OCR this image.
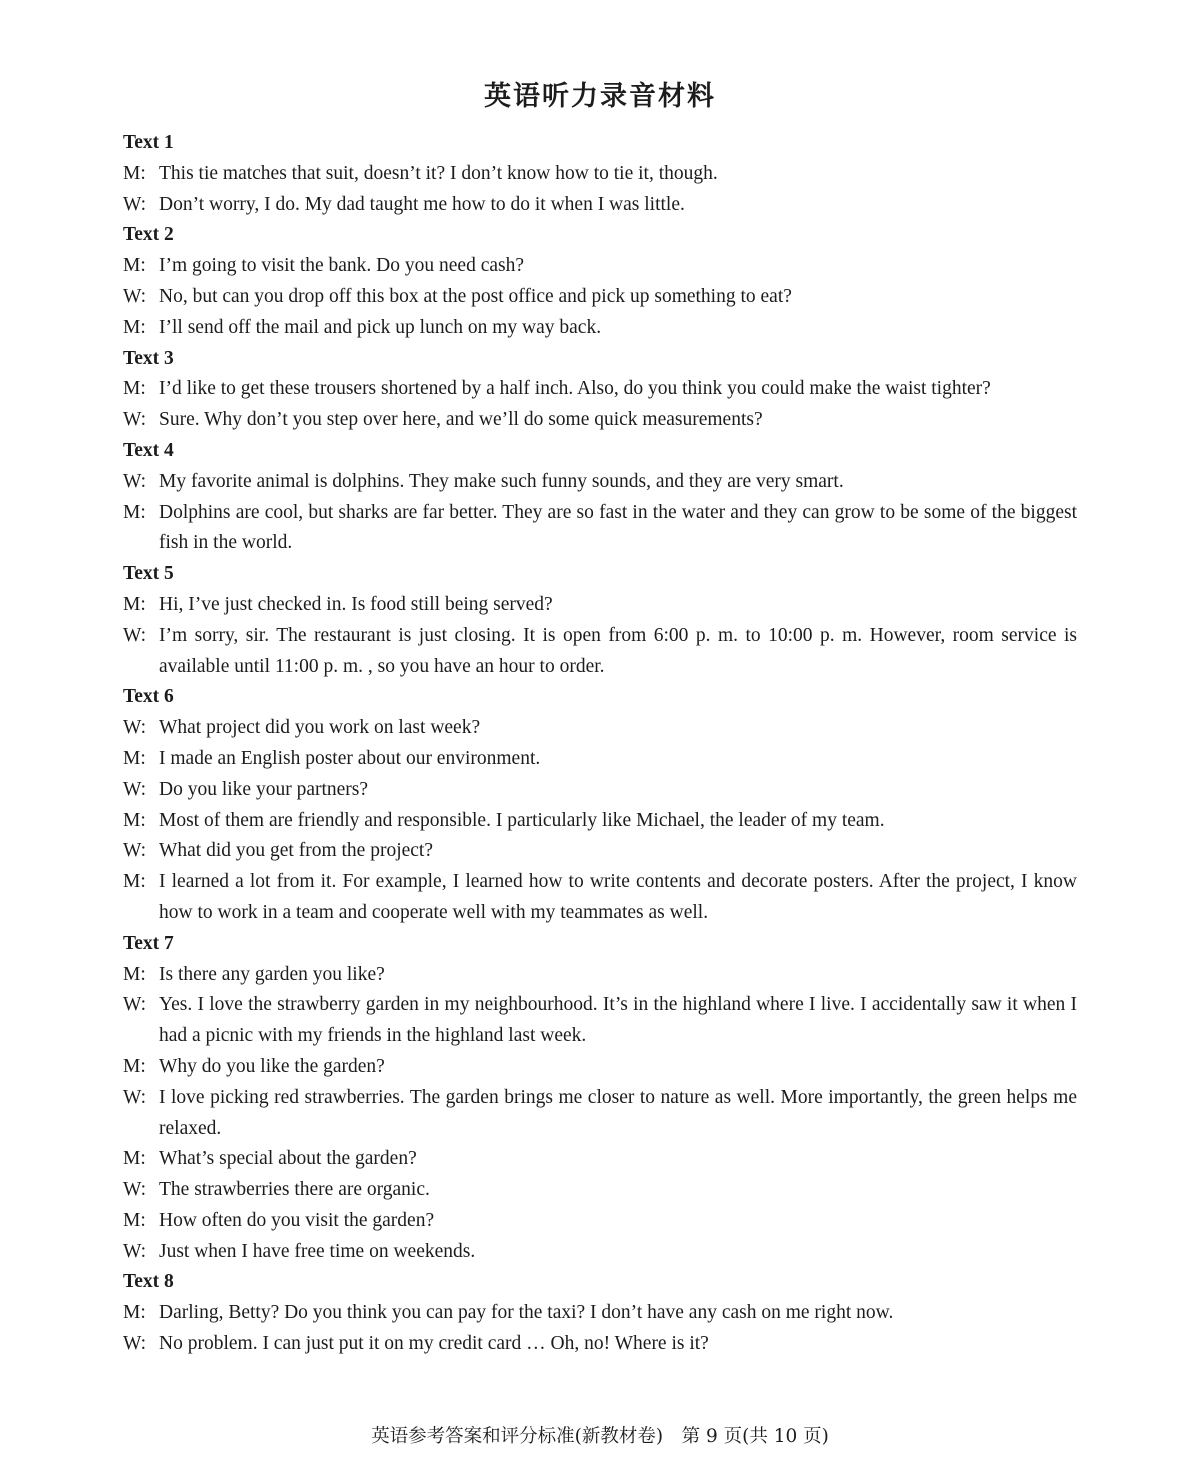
英语听力录音材料
Text 1
M: This tie matches that suit, doesn’t it? I don’t know how to tie it, though.
W: Don’t worry, I do. My dad taught me how to do it when I was little.
Text 2
M: I’m going to visit the bank. Do you need cash?
W: No, but can you drop off this box at the post office and pick up something to eat?
M: I’ll send off the mail and pick up lunch on my way back.
Text 3
M: I’d like to get these trousers shortened by a half inch. Also, do you think you could make the waist tighter?
W: Sure. Why don’t you step over here, and we’ll do some quick measurements?
Text 4
W: My favorite animal is dolphins. They make such funny sounds, and they are very smart.
M: Dolphins are cool, but sharks are far better. They are so fast in the water and they can grow to be some of the biggest fish in the world.
Text 5
M: Hi, I’ve just checked in. Is food still being served?
W: I’m sorry, sir. The restaurant is just closing. It is open from 6:00 p. m. to 10:00 p. m. However, room service is available until 11:00 p. m. , so you have an hour to order.
Text 6
W: What project did you work on last week?
M: I made an English poster about our environment.
W: Do you like your partners?
M: Most of them are friendly and responsible. I particularly like Michael, the leader of my team.
W: What did you get from the project?
M: I learned a lot from it. For example, I learned how to write contents and decorate posters. After the project, I know how to work in a team and cooperate well with my teammates as well.
Text 7
M: Is there any garden you like?
W: Yes. I love the strawberry garden in my neighbourhood. It’s in the highland where I live. I accidentally saw it when I had a picnic with my friends in the highland last week.
M: Why do you like the garden?
W: I love picking red strawberries. The garden brings me closer to nature as well. More importantly, the green helps me relaxed.
M: What’s special about the garden?
W: The strawberries there are organic.
M: How often do you visit the garden?
W: Just when I have free time on weekends.
Text 8
M: Darling, Betty? Do you think you can pay for the taxi? I don’t have any cash on me right now.
W: No problem. I can just put it on my credit card … Oh, no! Where is it?
英语参考答案和评分标准(新教材卷)　第 9 页(共 10 页)
